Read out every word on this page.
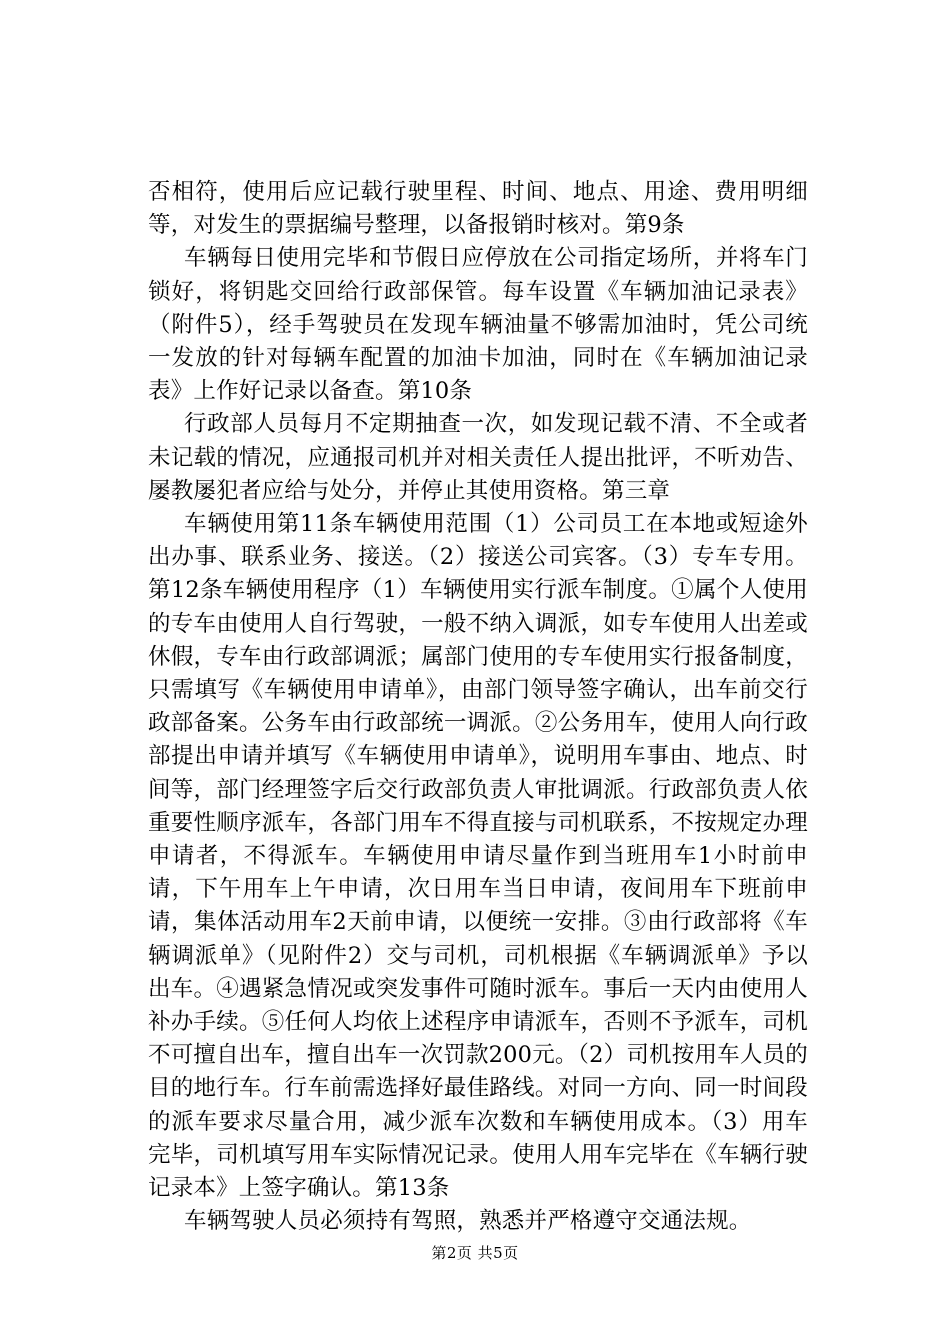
否相符，使用后应记载行驶里程、时间、地点、用途、费用明细等，对发生的票据编号整理，以备报销时核对。第9条

车辆每日使用完毕和节假日应停放在公司指定场所，并将车门锁好，将钥匙交回给行政部保管。每车设置《车辆加油记录表》（附件5），经手驾驶员在发现车辆油量不够需加油时，凭公司统一发放的针对每辆车配置的加油卡加油，同时在《车辆加油记录表》上作好记录以备查。第10条

行政部人员每月不定期抽查一次，如发现记载不清、不全或者未记载的情况，应通报司机并对相关责任人提出批评，不听劝告、屡教屡犯者应给与处分，并停止其使用资格。第三章

车辆使用第11条车辆使用范围（1）公司员工在本地或短途外出办事、联系业务、接送。（2）接送公司宾客。（3）专车专用。第12条车辆使用程序（1）车辆使用实行派车制度。①属个人使用的专车由使用人自行驾驶，一般不纳入调派，如专车使用人出差或休假，专车由行政部调派；属部门使用的专车使用实行报备制度，只需填写《车辆使用申请单》，由部门领导签字确认，出车前交行政部备案。公务车由行政部统一调派。②公务用车，使用人向行政部提出申请并填写《车辆使用申请单》，说明用车事由、地点、时间等，部门经理签字后交行政部负责人审批调派。行政部负责人依重要性顺序派车，各部门用车不得直接与司机联系，不按规定办理申请者，不得派车。车辆使用申请尽量作到当班用车1小时前申请，下午用车上午申请，次日用车当日申请，夜间用车下班前申请，集体活动用车2天前申请，以便统一安排。③由行政部将《车辆调派单》（见附件2）交与司机，司机根据《车辆调派单》予以出车。④遇紧急情况或突发事件可随时派车。事后一天内由使用人补办手续。⑤任何人均依上述程序申请派车，否则不予派车，司机不可擅自出车，擅自出车一次罚款200元。（2）司机按用车人员的目的地行车。行车前需选择好最佳路线。对同一方向、同一时间段的派车要求尽量合用，减少派车次数和车辆使用成本。（3）用车完毕，司机填写用车实际情况记录。使用人用车完毕在《车辆行驶记录本》上签字确认。第13条

车辆驾驶人员必须持有驾照，熟悉并严格遵守交通法规。

第2页 共5页
